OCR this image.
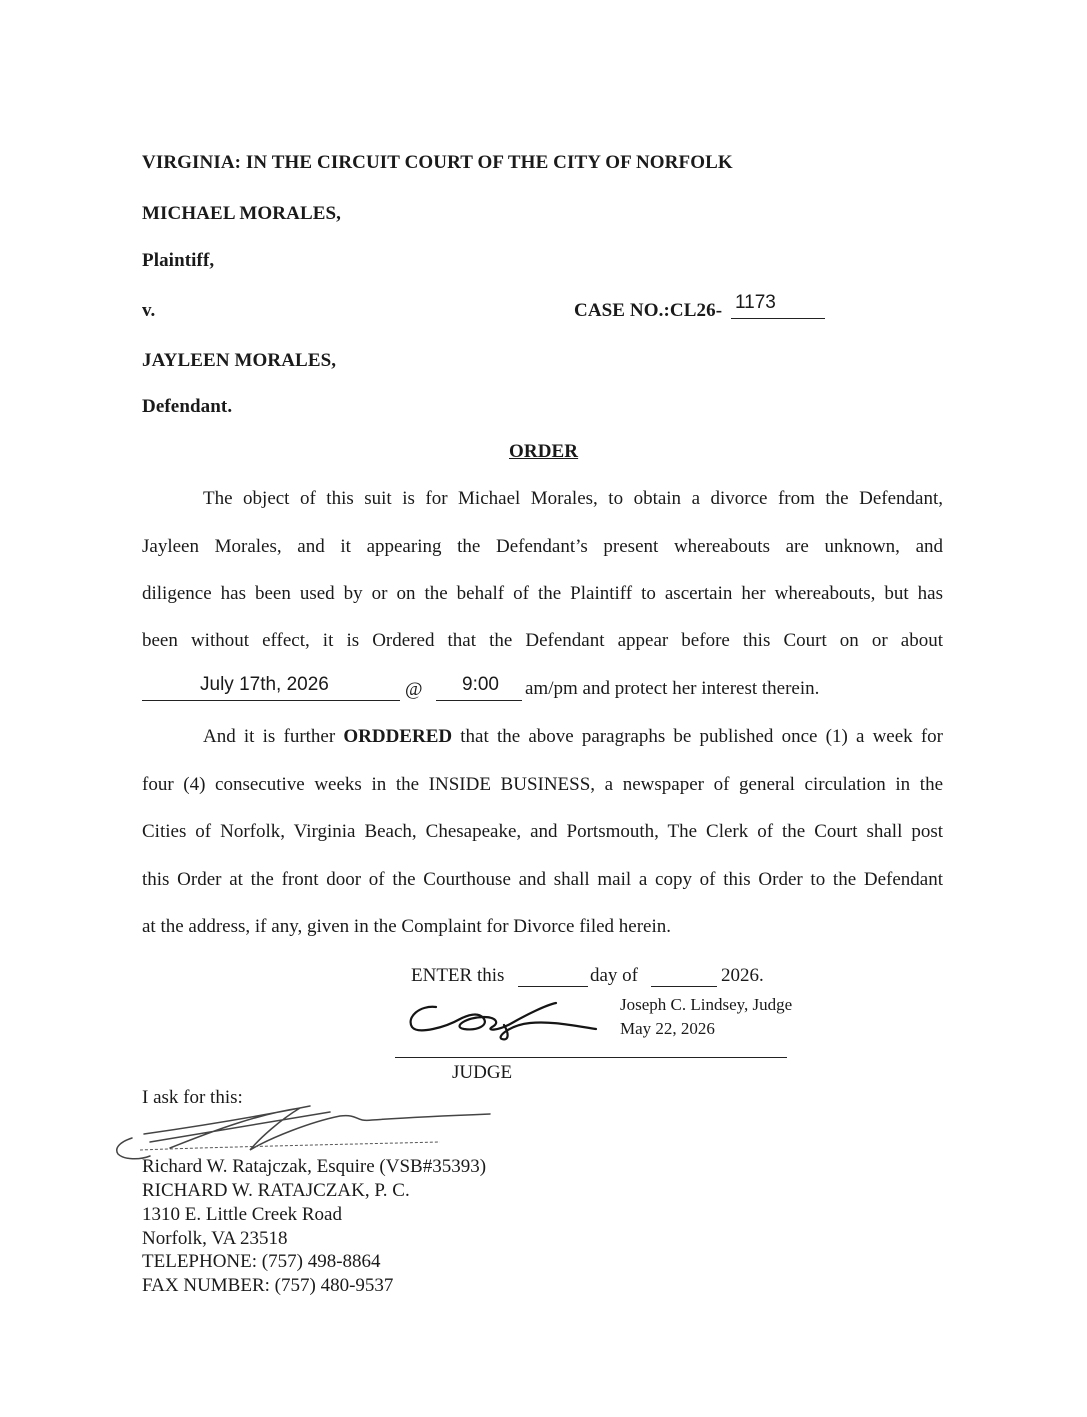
VIRGINIA: IN THE CIRCUIT COURT OF THE CITY OF NORFOLK
MICHAEL MORALES,
Plaintiff,
v.	CASE NO.:CL26- 1173
JAYLEEN MORALES,
Defendant.
ORDER
The object of this suit is for Michael Morales, to obtain a divorce from the Defendant,
Jayleen Morales, and it appearing the Defendant’s present whereabouts are unknown, and
diligence has been used by or on the behalf of the Plaintiff to ascertain her whereabouts, but has
been without effect, it is Ordered that the Defendant appear before this Court on or about
July 17th, 2026	@ 9:00 am/pm and protect her interest therein.
And it is further ORDDERED that the above paragraphs be published once (1) a week for
four (4) consecutive weeks in the INSIDE BUSINESS, a newspaper of general circulation in the
Cities of Norfolk, Virginia Beach, Chesapeake, and Portsmouth, The Clerk of the Court shall post
this Order at the front door of the Courthouse and shall mail a copy of this Order to the Defendant
at the address, if any, given in the Complaint for Divorce filed herein.
ENTER this	day of	2026.
Joseph C. Lindsey, Judge
May 22, 2026
JUDGE
I ask for this:
Richard W. Ratajczak, Esquire (VSB#35393)
RICHARD W. RATAJCZAK, P. C.
1310 E. Little Creek Road
Norfolk, VA 23518
TELEPHONE: (757) 498-8864
FAX NUMBER: (757) 480-9537
